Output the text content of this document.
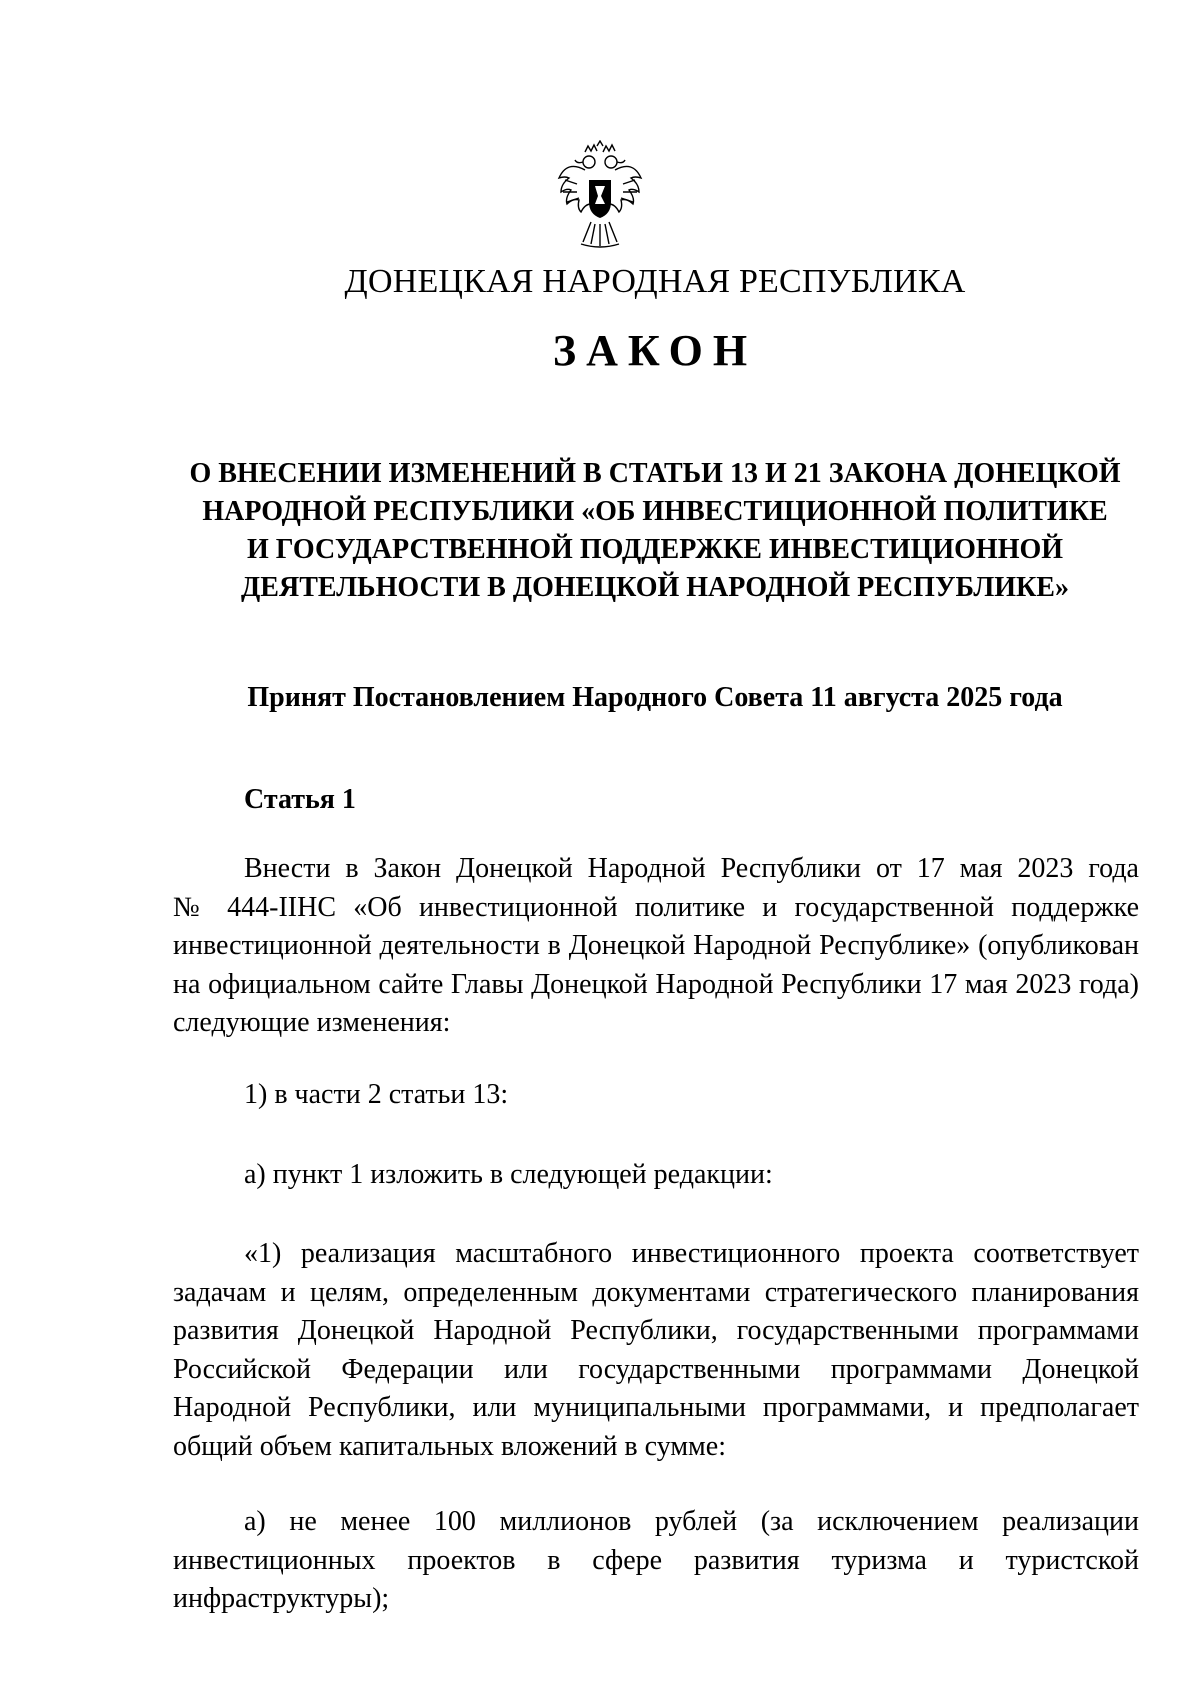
ДОНЕЦКАЯ НАРОДНАЯ РЕСПУБЛИКА
ЗАКОН
О ВНЕСЕНИИ ИЗМЕНЕНИЙ В СТАТЬИ 13 И 21 ЗАКОНА ДОНЕЦКОЙ
НАРОДНОЙ РЕСПУБЛИКИ «ОБ ИНВЕСТИЦИОННОЙ ПОЛИТИКЕ
И ГОСУДАРСТВЕННОЙ ПОДДЕРЖКЕ ИНВЕСТИЦИОННОЙ
ДЕЯТЕЛЬНОСТИ В ДОНЕЦКОЙ НАРОДНОЙ РЕСПУБЛИКЕ»
Принят Постановлением Народного Совета 11 августа 2025 года
Статья 1
Внести в Закон Донецкой Народной Республики от 17 мая 2023 года
№ 444-IIНС «Об инвестиционной политике и государственной поддержке
инвестиционной деятельности в Донецкой Народной Республике» (опубликован
на официальном сайте Главы Донецкой Народной Республики 17 мая 2023 года)
следующие изменения:
1) в части 2 статьи 13:
а) пункт 1 изложить в следующей редакции:
«1) реализация масштабного инвестиционного проекта соответствует
задачам и целям, определенным документами стратегического планирования
развития Донецкой Народной Республики, государственными программами
Российской Федерации или государственными программами Донецкой
Народной Республики, или муниципальными программами, и предполагает
общий объем капитальных вложений в сумме:
а) не менее 100 миллионов рублей (за исключением реализации
инвестиционных проектов в сфере развития туризма и туристской
инфраструктуры);
